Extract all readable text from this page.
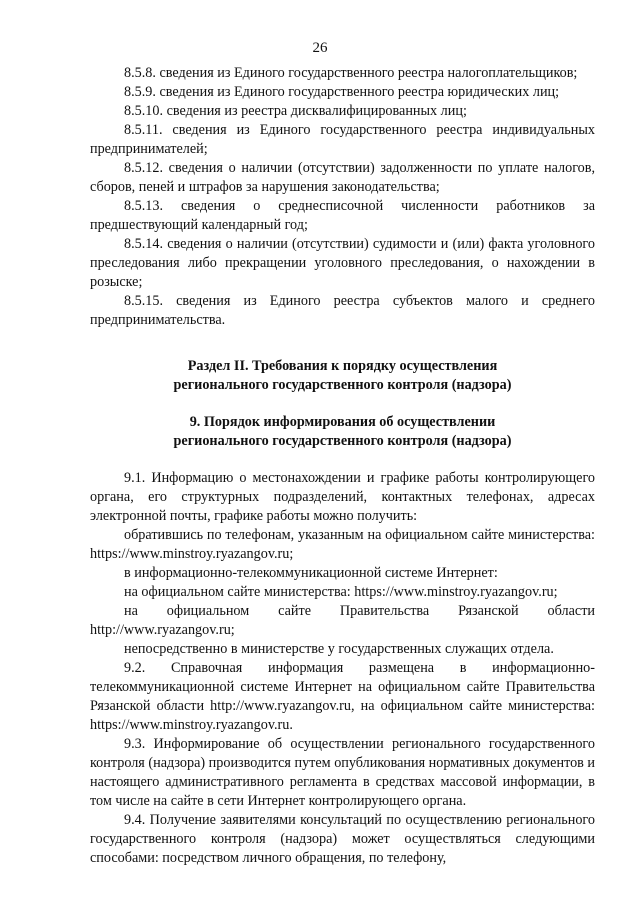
26

8.5.8. сведения из Единого государственного реестра налогоплательщиков;

8.5.9. сведения из Единого государственного реестра юридических лиц;

8.5.10. сведения из реестра дисквалифицированных лиц;

8.5.11. сведения из Единого государственного реестра индивидуальных предпринимателей;

8.5.12. сведения о наличии (отсутствии) задолженности по уплате налогов, сборов, пеней и штрафов за нарушения законодательства;

8.5.13. сведения о среднесписочной численности работников за предшествующий календарный год;

8.5.14. сведения о наличии (отсутствии) судимости и (или) факта уголовного преследования либо прекращении уголовного преследования, о нахождении в розыске;

8.5.15. сведения из Единого реестра субъектов малого и среднего предпринимательства.

Раздел II. Требования к порядку осуществления

регионального государственного контроля (надзора)

9. Порядок информирования об осуществлении

регионального государственного контроля (надзора)

9.1. Информацию о местонахождении и графике работы контролирующего органа, его структурных подразделений, контактных телефонах, адресах электронной почты, графике работы можно получить:

обратившись по телефонам, указанным на официальном сайте министерства: https://www.minstroy.ryazangov.ru;

в информационно-телекоммуникационной системе Интернет:

на официальном сайте министерства: https://www.minstroy.ryazangov.ru;

на официальном сайте Правительства Рязанской области http://www.ryazangov.ru;

непосредственно в министерстве у государственных служащих отдела.

9.2. Справочная информация размещена в информационно-телекоммуникационной системе Интернет на официальном сайте Правительства Рязанской области http://www.ryazangov.ru, на официальном сайте министерства: https://www.minstroy.ryazangov.ru.

9.3. Информирование об осуществлении регионального государственного контроля (надзора) производится путем опубликования нормативных документов и настоящего административного регламента в средствах массовой информации, в том числе на сайте в сети Интернет контролирующего органа.

9.4. Получение заявителями консультаций по осуществлению регионального государственного контроля (надзора) может осуществляться следующими способами: посредством личного обращения, по телефону,
